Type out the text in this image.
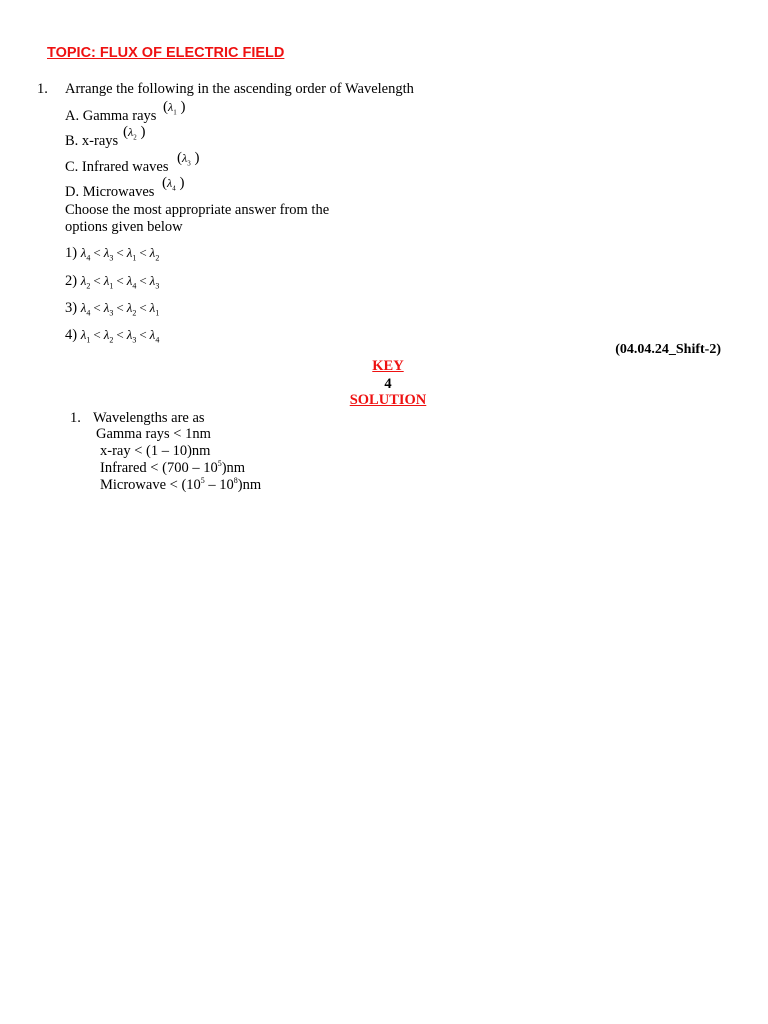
TOPIC: FLUX OF ELECTRIC FIELD
1. Arrange the following in the ascending order of Wavelength
A. Gamma rays
($\lambda_1$ )
B. x-rays
($\lambda_2$ )
C. Infrared waves
($\lambda_3$ )
D. Microwaves
($\lambda_4$ )
Choose the most appropriate answer from the
options given below
1) $\lambda_4 < \lambda_3 < \lambda_1 < \lambda_2$
2) $\lambda_2 < \lambda_1 < \lambda_4 < \lambda_3$
3) $\lambda_4 < \lambda_3 < \lambda_2 < \lambda_1$
4) $\lambda_1 < \lambda_2 < \lambda_3 < \lambda_4$
(04.04.24_Shift-2)
KEY
4
SOLUTION
1. Wavelengths are as
Gamma rays < 1nm
x-ray < (1 – 10)nm
Infrared < $(700 - 10^5)nm$
Microwave < $(10^5 - 10^8)nm$
